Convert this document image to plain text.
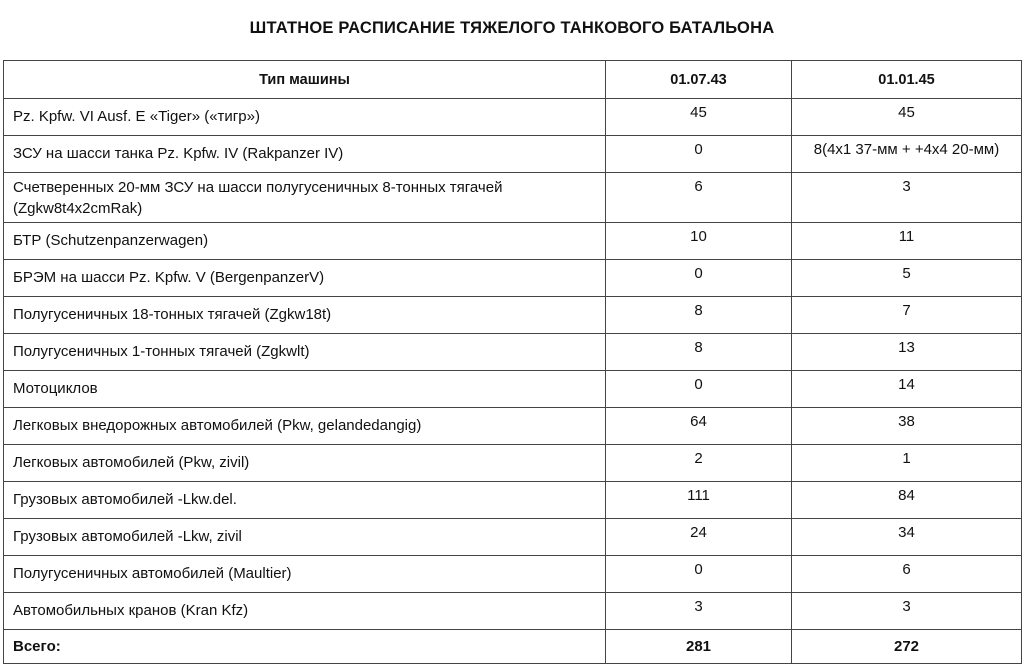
ШТАТНОЕ РАСПИСАНИЕ ТЯЖЕЛОГО ТАНКОВОГО БАТАЛЬОНА
Тип машины	01.07.43	01.01.45
Pz. Kpfw. VI Ausf. E «Tiger» («тигр»)	45	45
ЗСУ на шасси танка Pz. Kpfw. IV (Rakpanzer IV)	0	8(4x1 37-мм + +4x4 20-мм)
Счетверенных 20-мм ЗСУ на шасси полугусеничных 8-тонных тягачей (Zgkw8t4x2cmRak)	6	3
БТР (Schutzenpanzerwagen)	10	11
БРЭМ на шасси Pz. Kpfw. V (BergenpanzerV)	0	5
Полугусеничных 18-тонных тягачей (Zgkw18t)	8	7
Полугусеничных 1-тонных тягачей (Zgkwlt)	8	13
Мотоциклов	0	14
Легковых внедорожных автомобилей (Pkw, gelandedangig)	64	38
Легковых автомобилей (Pkw, zivil)	2	1
Грузовых автомобилей -Lkw.del.	111	84
Грузовых автомобилей -Lkw, zivil	24	34
Полугусеничных автомобилей (Maultier)	0	6
Автомобильных кранов (Kran Kfz)	3	3
Всего:	281	272
